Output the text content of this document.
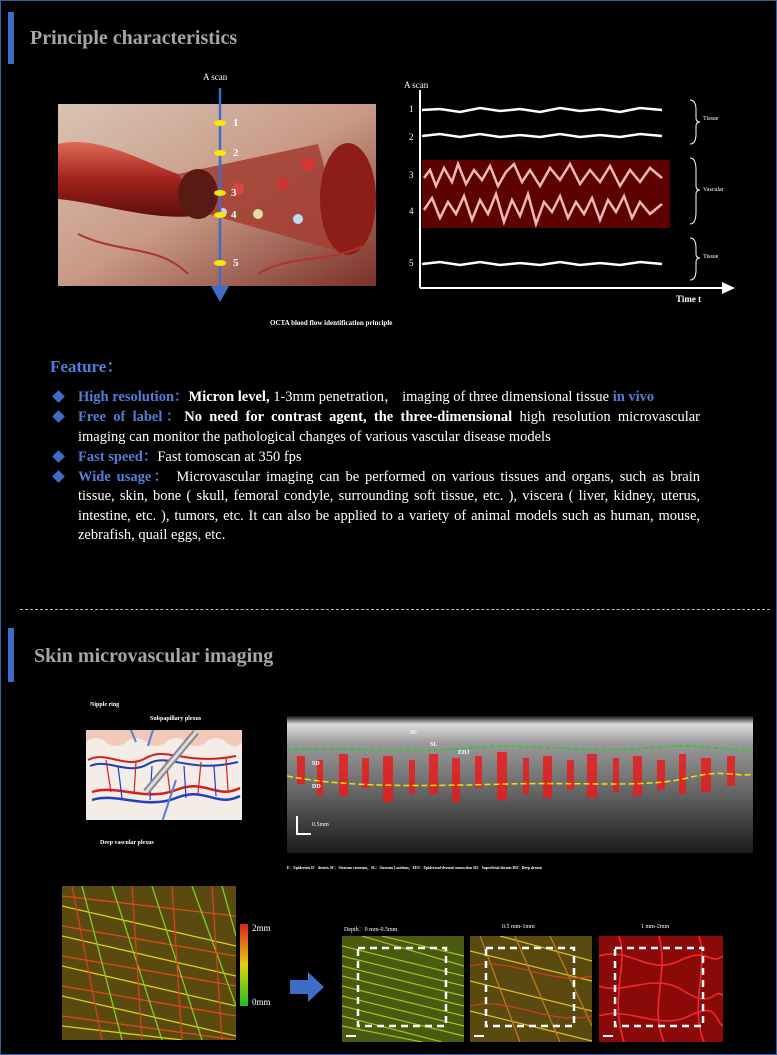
Principle characteristics
A scan
1
2
3
4
5
A scan
1
2
3
4
5
Tissue
Vascular
Tissue
Time t
OCTA blood flow identification principle
Feature：
High resolution：Micron level, 1-3mm penetration， imaging of three dimensional tissue in vivo
Free of label：No need for contrast agent, the three-dimensional high resolution microvascular imaging can monitor the pathological changes of various vascular disease models
Fast speed：Fast tomoscan at 350 fps
Wide usage： Microvascular imaging can be performed on various tissues and organs, such as brain tissue, skin, bone ( skull, femoral condyle, surrounding soft tissue, etc. ), viscera ( liver, kidney, uterus, intestine, etc. ), tumors, etc. It can also be applied to a variety of animal models such as human, mouse, zebrafish, quail eggs, etc.
Skin microvascular imaging
Nipple ring
Subpapillary plexus
Deep vascular plexus
SC
SL
EDJ
SD
DD
0.5mm
E：Epidermis D：dermis SC：Stratum corneum，SL：Stratum Lucidum，EDJ：Epidermal-dermal connection SD：Superficial dermis DD：Deep dermis
2mm
0mm
Depth：0 mm-0.5mm	0.5 mm-1mm	1 mm-2mm
